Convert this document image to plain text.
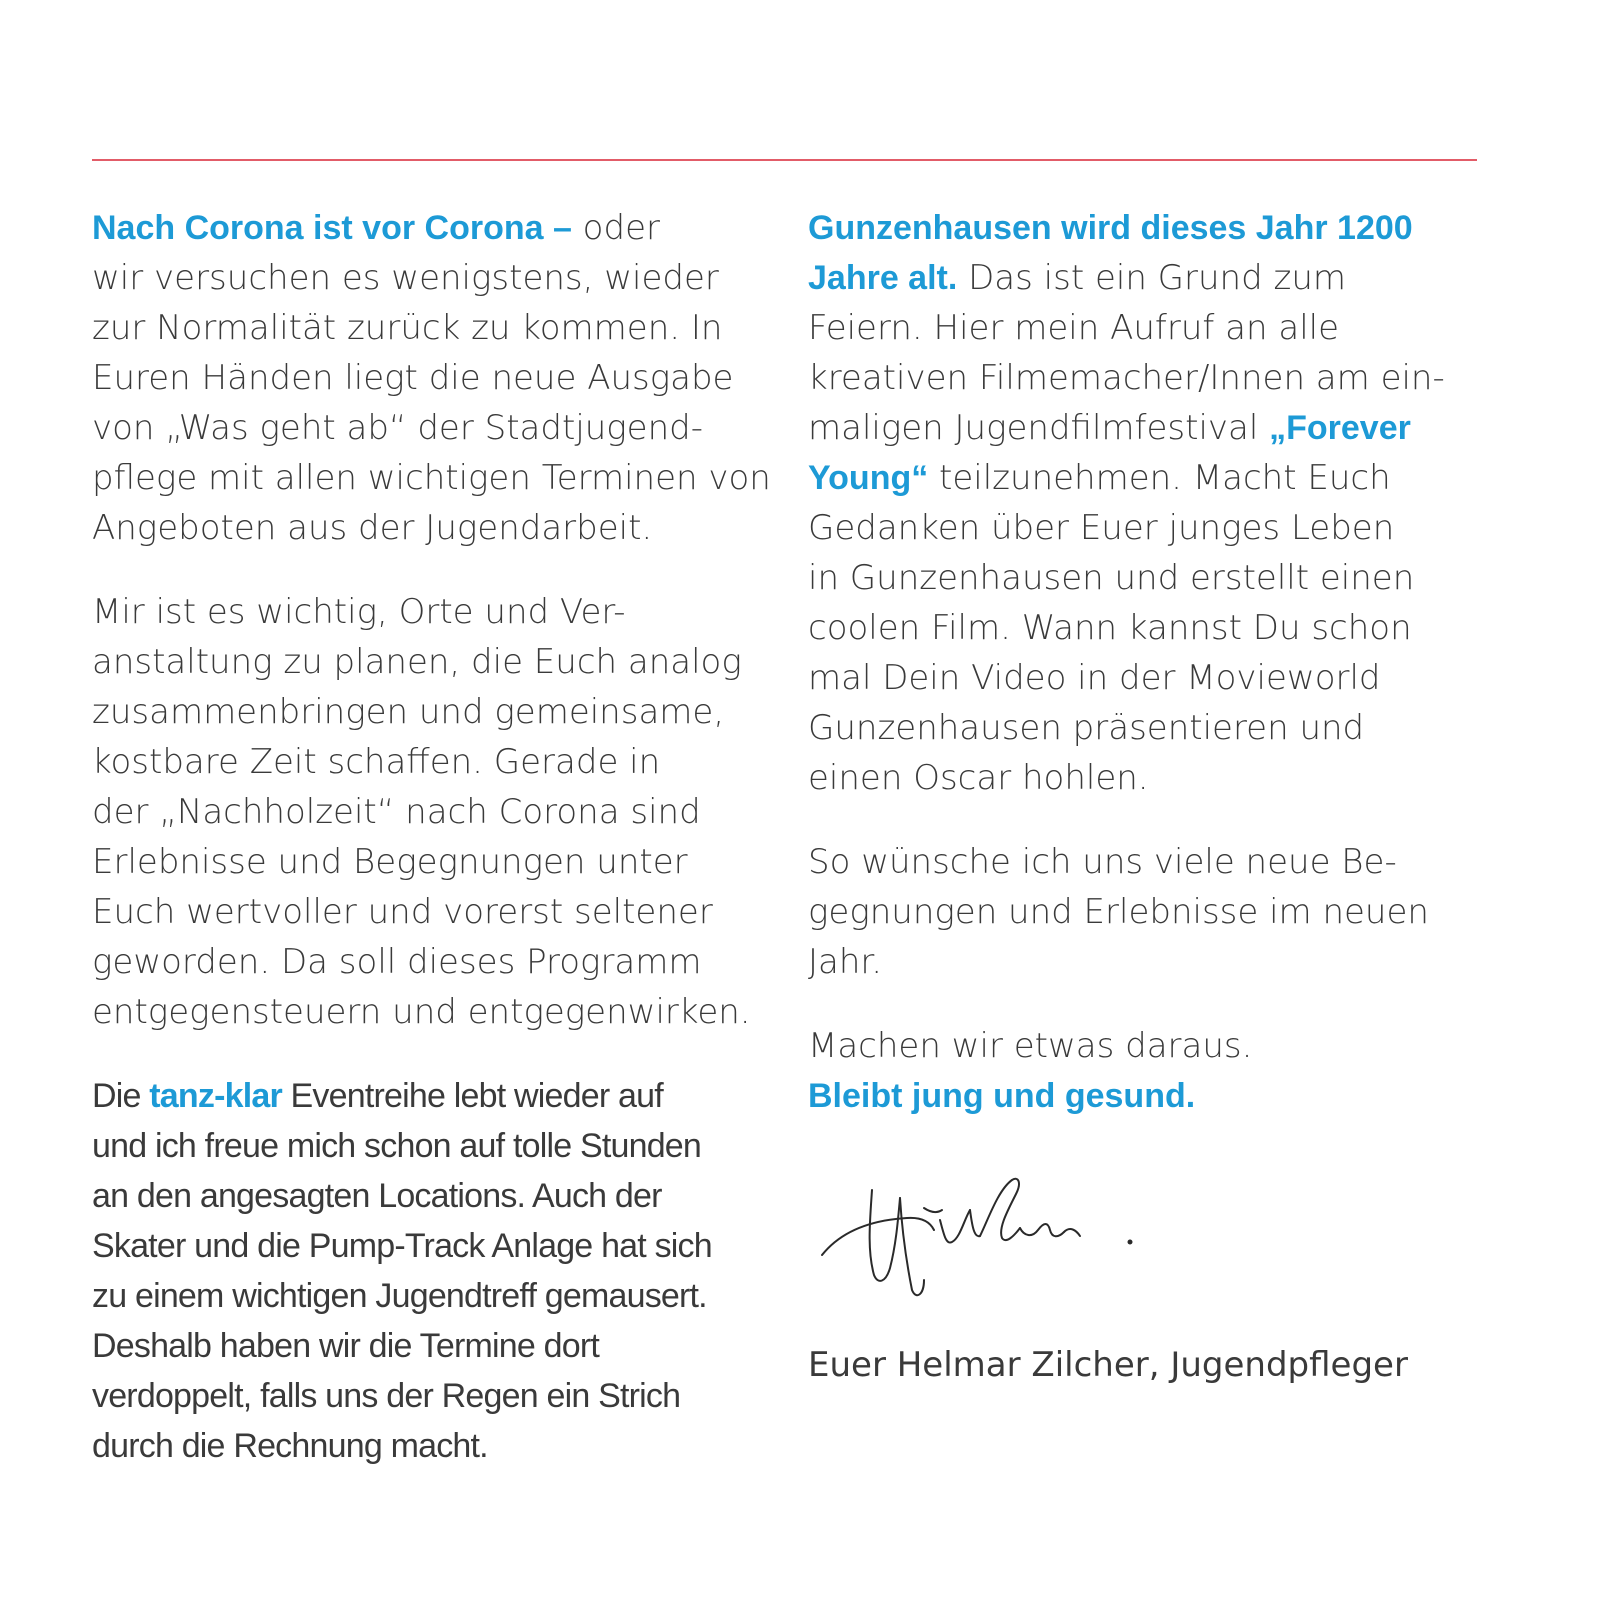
Nach Corona ist vor Corona – oder
wir versuchen es wenigstens, wieder
zur Normalität zurück zu kommen. In
Euren Händen liegt die neue Ausgabe
von „Was geht ab“ der Stadtjugend-
pflege mit allen wichtigen Terminen von
Angeboten aus der Jugendarbeit.

Mir ist es wichtig, Orte und Ver-
anstaltung zu planen, die Euch analog
zusammenbringen und gemeinsame,
kostbare Zeit schaffen. Gerade in
der „Nachholzeit“ nach Corona sind
Erlebnisse und Begegnungen unter
Euch wertvoller und vorerst seltener
geworden. Da soll dieses Programm
entgegensteuern und entgegenwirken.

Die tanz-klar Eventreihe lebt wieder auf
und ich freue mich schon auf tolle Stunden
an den angesagten Locations. Auch der
Skater und die Pump-Track Anlage hat sich
zu einem wichtigen Jugendtreff gemausert.
Deshalb haben wir die Termine dort
verdoppelt, falls uns der Regen ein Strich
durch die Rechnung macht.

Gunzenhausen wird dieses Jahr 1200
Jahre alt. Das ist ein Grund zum
Feiern. Hier mein Aufruf an alle
kreativen Filmemacher/Innen am ein-
maligen Jugendfilmfestival „Forever
Young“ teilzunehmen. Macht Euch
Gedanken über Euer junges Leben
in Gunzenhausen und erstellt einen
coolen Film. Wann kannst Du schon
mal Dein Video in der Movieworld
Gunzenhausen präsentieren und
einen Oscar hohlen.

So wünsche ich uns viele neue Be-
gegnungen und Erlebnisse im neuen
Jahr.

Machen wir etwas daraus.
Bleibt jung und gesund.

Euer Helmar Zilcher, Jugendpfleger
